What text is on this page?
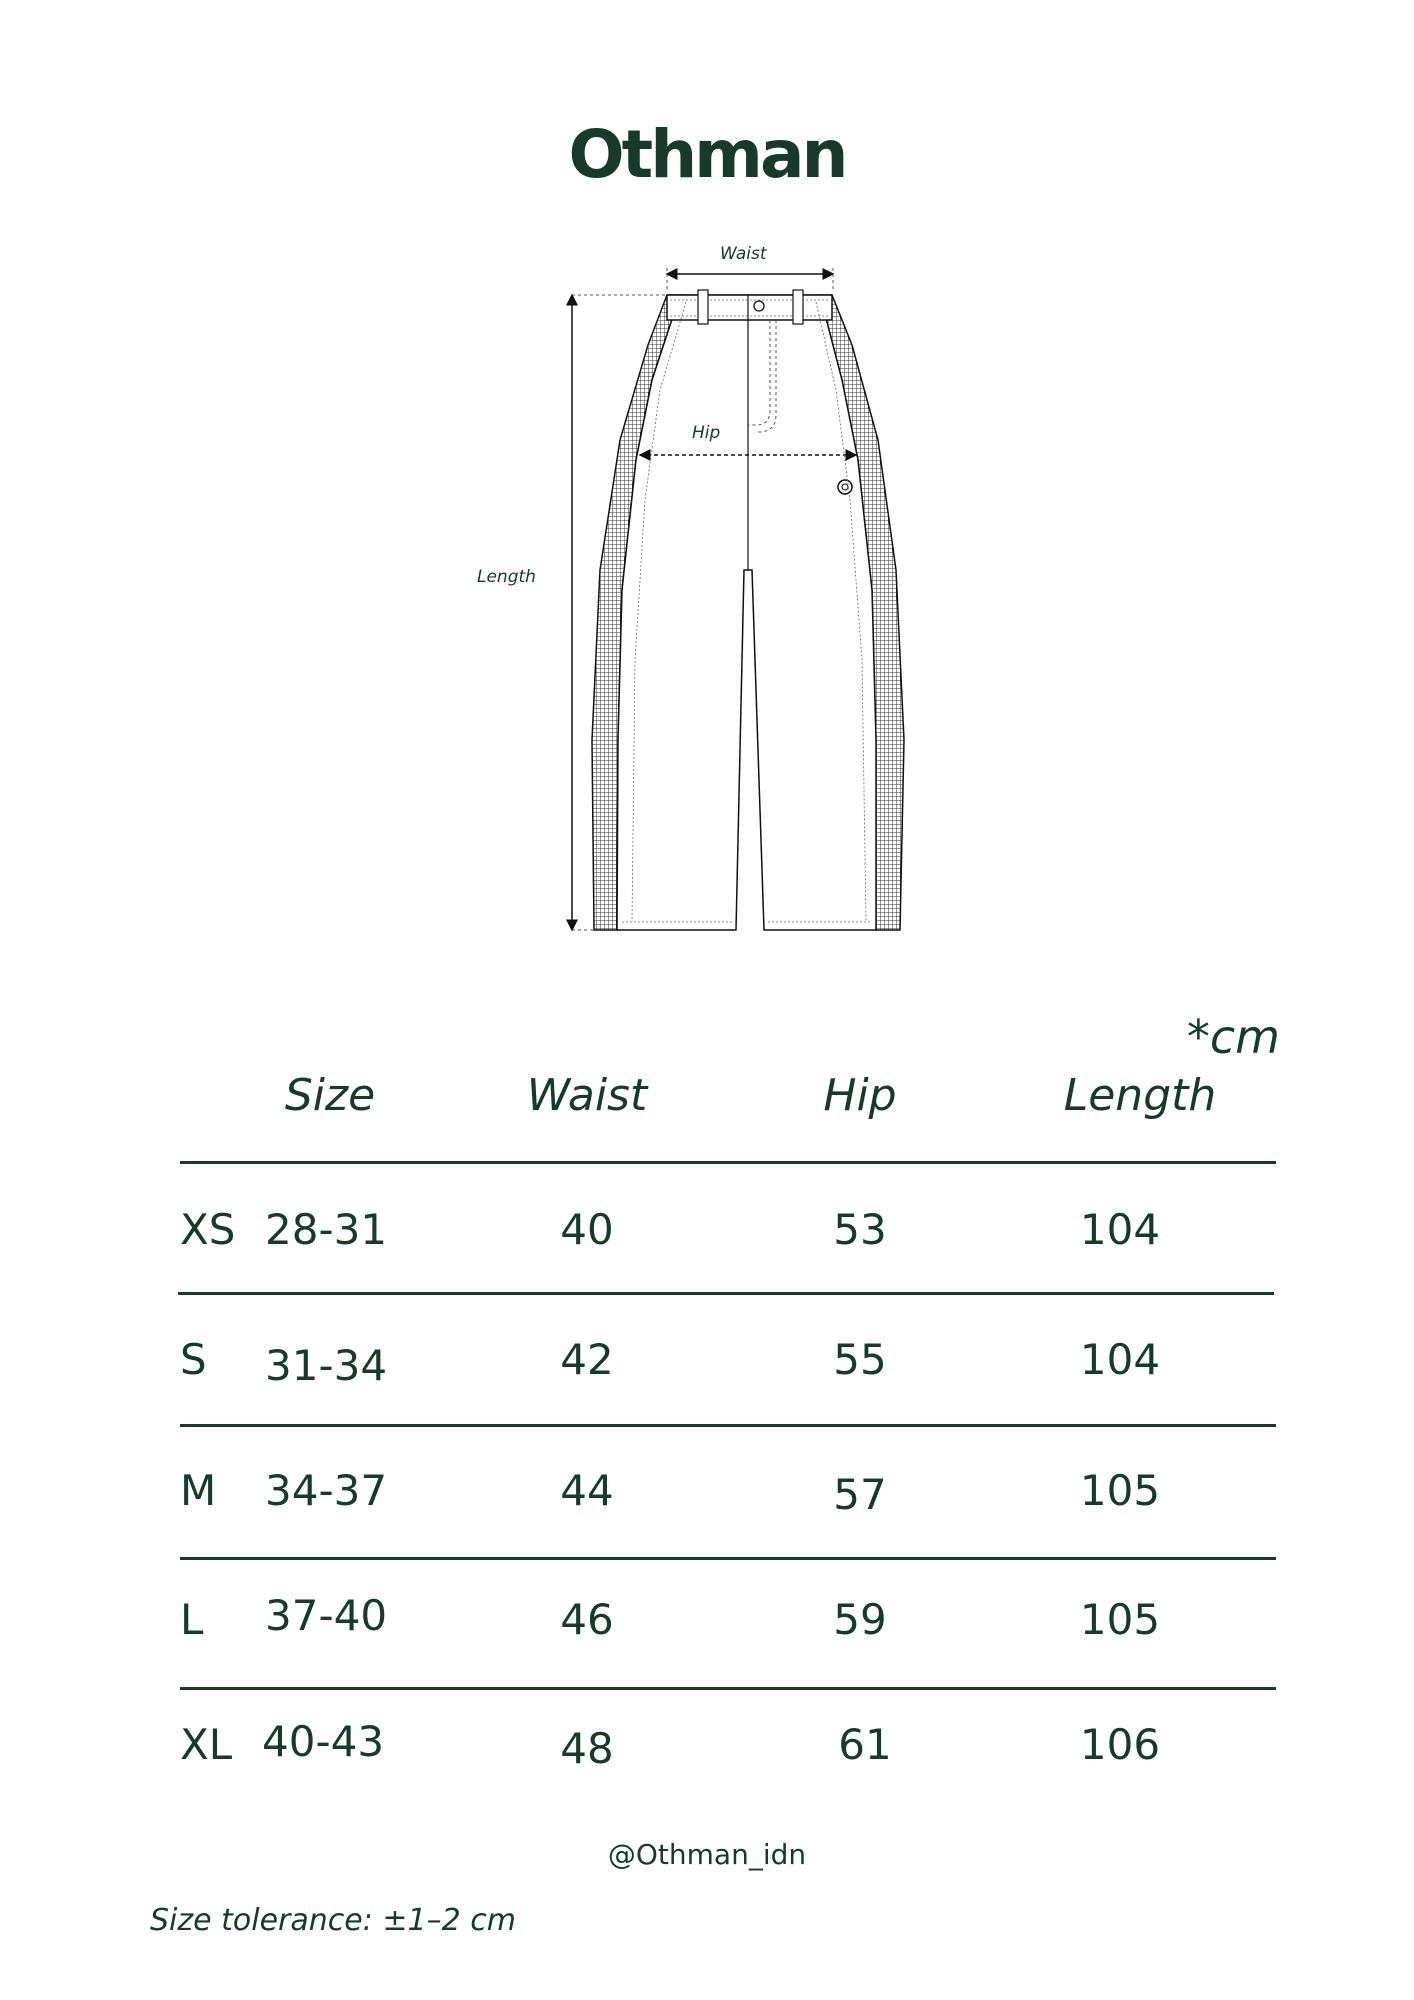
Othman
Waist
Hip
Length
*cm
Size	Waist	Hip	Length
XS 28-31	40	53	104
S 31-34	42	55	104
M 34-37	44	57	105
L 37-40	46	59	105
XL 40-43	48	61	106
@Othman_idn
Size tolerance: ±1–2 cm
